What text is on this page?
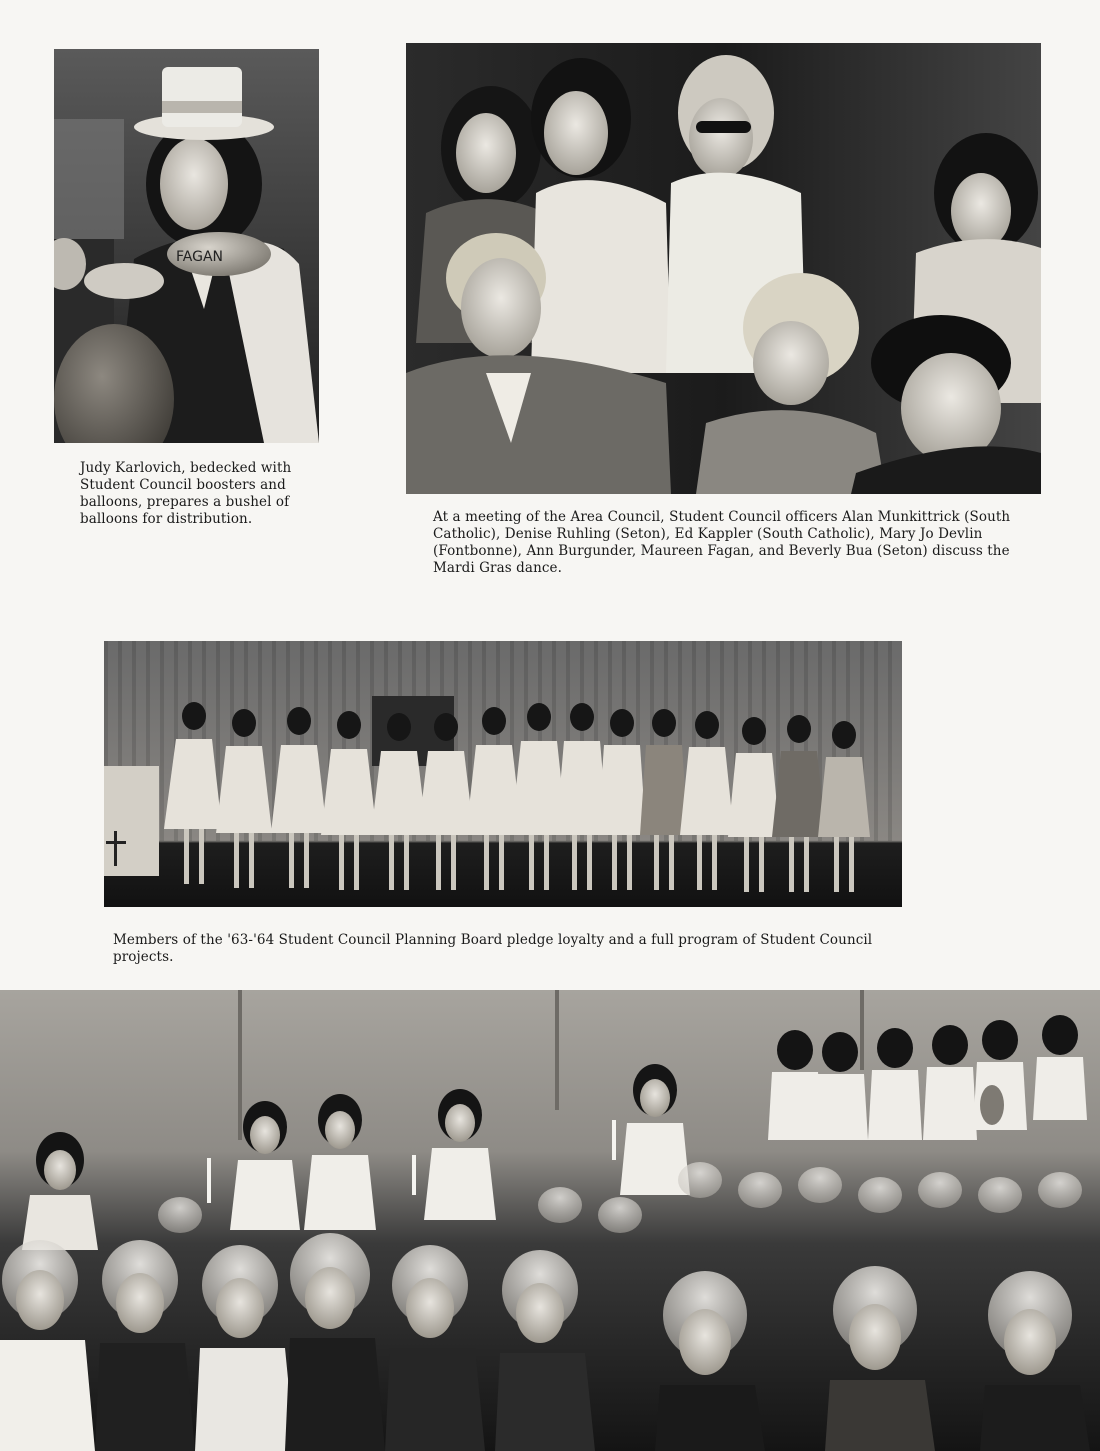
FAGAN

Judy Karlovich, bedecked with Student Council boosters and balloons, prepares a bushel of balloons for distribution.	At a meeting of the Area Council, Student Council officers Alan Munkittrick (South Catholic), Denise Ruhling (Seton), Ed Kappler (South Catholic), Mary Jo Devlin (Fontbonne), Ann Burgunder, Maureen Fagan, and Beverly Bua (Seton) discuss the Mardi Gras dance.

Members of the '63-'64 Student Council Planning Board pledge loyalty and a full program of Student Council projects.
